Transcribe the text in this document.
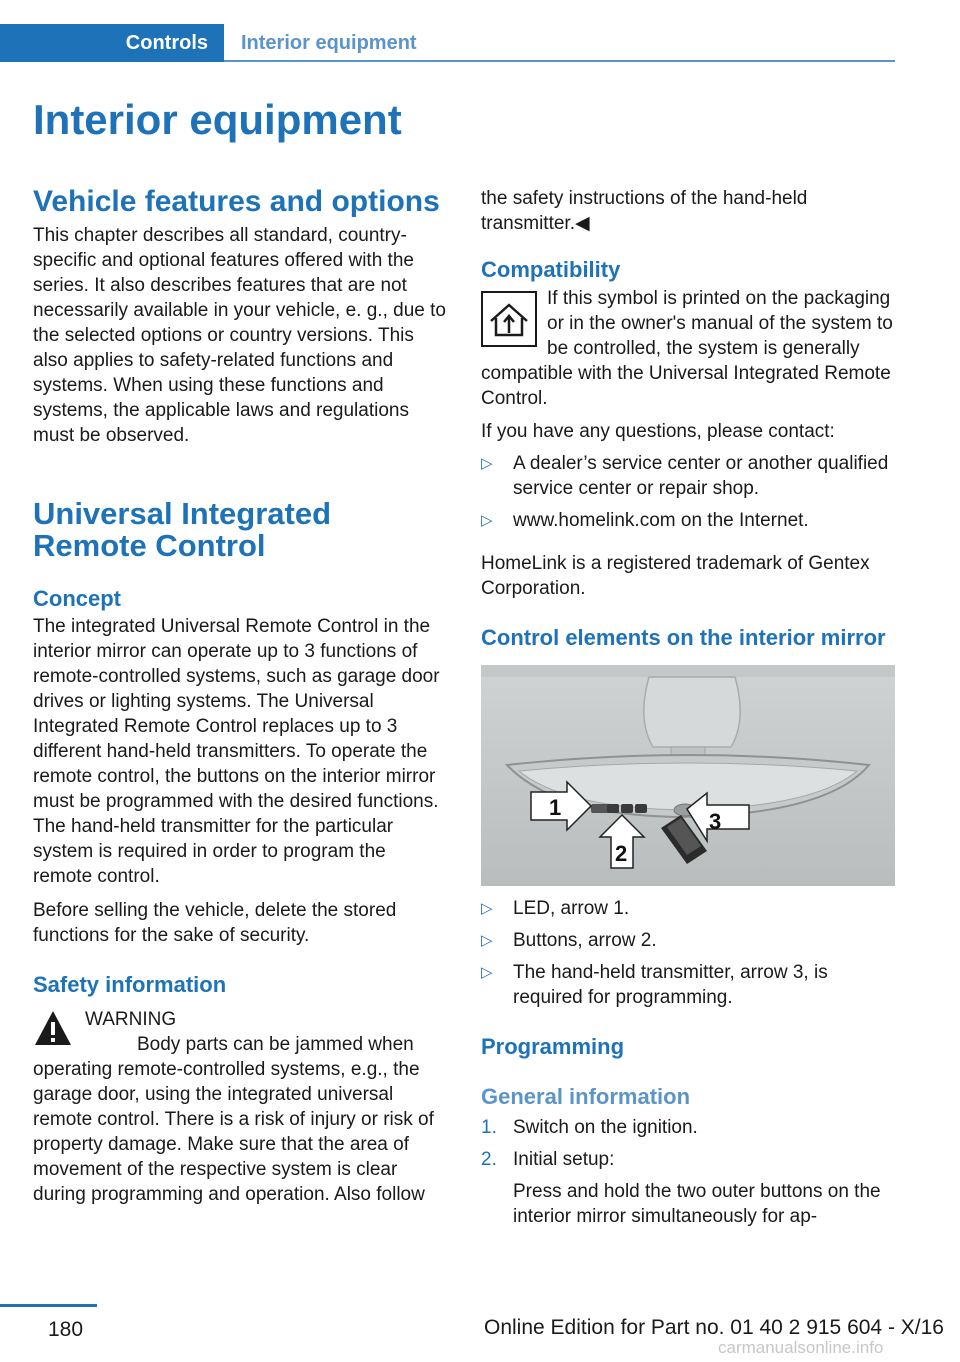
Controls	Interior equipment
Interior equipment
Vehicle features and options

This chapter describes all standard, country-specific and optional features offered with the series. It also describes features that are not necessarily available in your vehicle, e. g., due to the selected options or country versions. This also applies to safety-related functions and systems. When using these functions and systems, the applicable laws and regulations must be observed.

Universal Integrated Remote Control
Concept

The integrated Universal Remote Control in the interior mirror can operate up to 3 functions of remote-controlled systems, such as garage door drives or lighting systems. The Universal Integrated Remote Control replaces up to 3 different hand-held transmitters. To operate the remote control, the buttons on the interior mirror must be programmed with the desired functions. The hand-held transmitter for the particular system is required in order to program the remote control.

Before selling the vehicle, delete the stored functions for the sake of security.

Safety information
WARNING

Body parts can be jammed when operating remote-controlled systems, e.g., the garage door, using the integrated universal remote control. There is a risk of injury or risk of property damage. Make sure that the area of movement of the respective system is clear during programming and operation. Also follow

the safety instructions of the hand-held transmitter.◀

Compatibility

If this symbol is printed on the packaging or in the owner's manual of the system to be controlled, the system is generally compatible with the Universal Integrated Remote Control.

If you have any questions, please contact:

▷ A dealer’s service center or another qualified service center or repair shop.
▷ www.homelink.com on the Internet.

HomeLink is a registered trademark of Gentex Corporation.

Control elements on the interior mirror
1
2
3
▷ LED, arrow 1.
▷ Buttons, arrow 2.
▷ The hand-held transmitter, arrow 3, is required for programming.
Programming
General information
1. Switch on the ignition.
2. Initial setup:

Press and hold the two outer buttons on the interior mirror simultaneously for ap-

180	Online Edition for Part no. 01 40 2 915 604 - X/16
carmanualsonline.info
